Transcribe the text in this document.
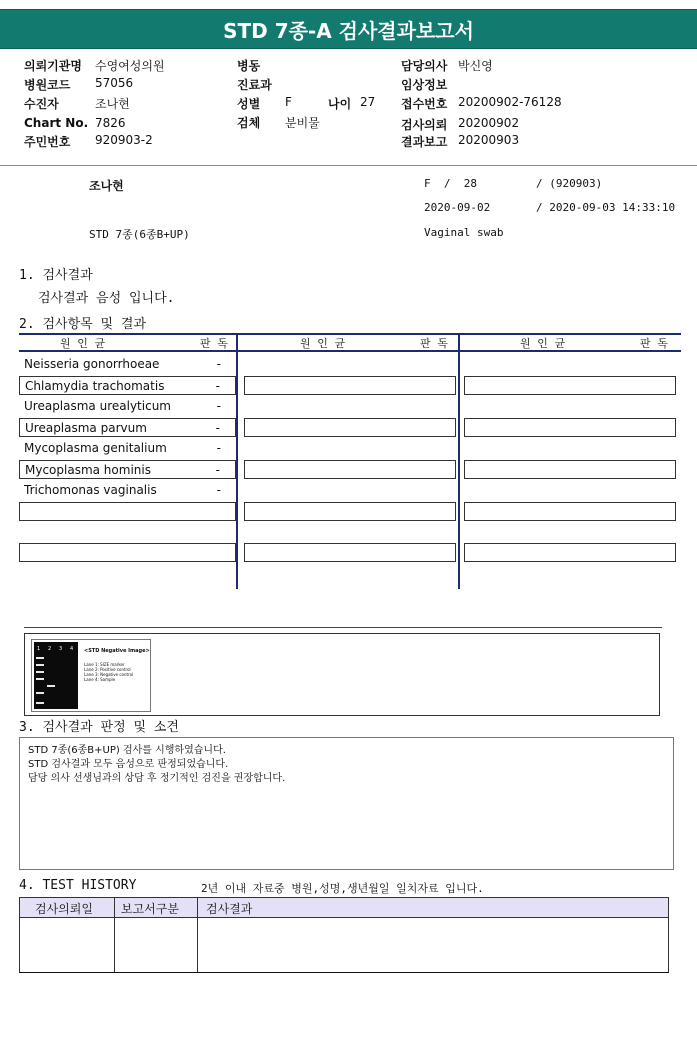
STD 7종-A 검사결과보고서
의뢰기관명 수영여성의원
병원코드 57056
수진자	조나현
Chart No. 7826
주민번호 920903-2
병동
진료과
성별 F	나이 27
검체 분비물
담당의사 박신영
임상정보
접수번호 20200902-76128
검사의뢰 20200902
결과보고 20200903
조나현	F  /  28	/ (920903)
2020-09-02	/ 2020-09-03 14:33:10
STD 7종(6종B+UP)	Vaginal swab
1. 검사결과
검사결과 음성 입니다.
2. 검사항목 및 결과
원 인 균	판 독	원 인 균	판 독	원 인 균	판 독
Neisseria gonorrhoeae	-
Chlamydia trachomatis	-
Ureaplasma urealyticum	-
Ureaplasma parvum	-
Mycoplasma genitalium	-
Mycoplasma hominis	-
Trichomonas vaginalis	-
1 2 3 4 <STD Negative Image>
Lane 1: SIZE marker
Lane 2: Positive control
Lane 3: Negative control
Lane 4: Sample
3. 검사결과 판정 및 소견
STD 7종(6종B+UP) 검사를 시행하였습니다.
STD 검사결과 모두 음성으로 판정되었습니다.
담당 의사 선생님과의 상담 후 정기적인 검진을 권장합니다.
4. TEST HISTORY	2년 이내 자료중 병원,성명,생년월일 일치자료 입니다.
검사의뢰일 보고서구분 검사결과
